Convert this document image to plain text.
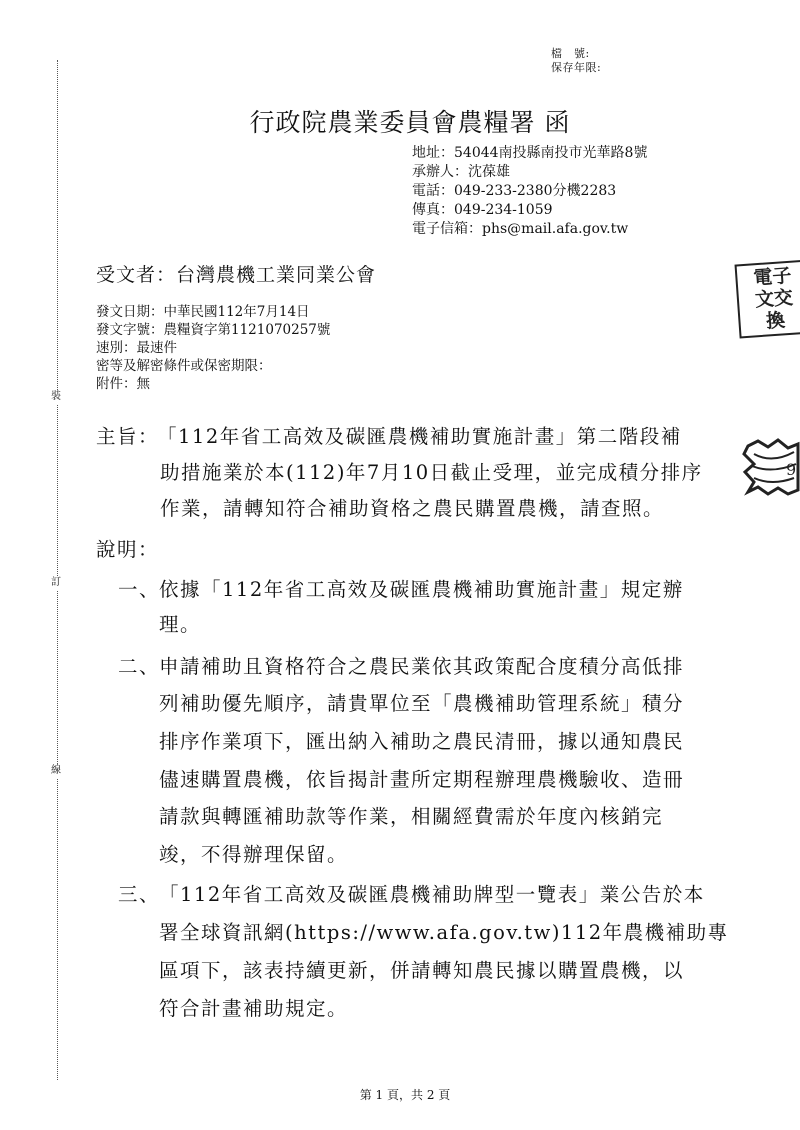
裝
訂
線
檔　號:
保存年限:
行政院農業委員會農糧署 函
地址：54044南投縣南投市光華路8號
承辦人：沈葆雄
電話：049-233-2380分機2283
傳真：049-234-1059
電子信箱：phs@mail.afa.gov.tw
受文者：台灣農機工業同業公會
發文日期：中華民國112年7月14日
發文字號：農糧資字第1121070257號
速別：最速件
密等及解密條件或保密期限：
附件：無
電子
文交
換
9
主旨：
「112年省工高效及碳匯農機補助實施計畫」第二階段補
助措施業於本(112)年7月10日截止受理，並完成積分排序
作業，請轉知符合補助資格之農民購置農機，請查照。
說明：
一、
依據「112年省工高效及碳匯農機補助實施計畫」規定辦
理。
二、
申請補助且資格符合之農民業依其政策配合度積分高低排
列補助優先順序，請貴單位至「農機補助管理系統」積分
排序作業項下，匯出納入補助之農民清冊，據以通知農民
儘速購置農機，依旨揭計畫所定期程辦理農機驗收、造冊
請款與轉匯補助款等作業，相關經費需於年度內核銷完
竣，不得辦理保留。
三、
「112年省工高效及碳匯農機補助牌型一覽表」業公告於本
署全球資訊網(https://www.afa.gov.tw)112年農機補助專
區項下，該表持續更新，併請轉知農民據以購置農機，以
符合計畫補助規定。
第 1 頁，共 2 頁
